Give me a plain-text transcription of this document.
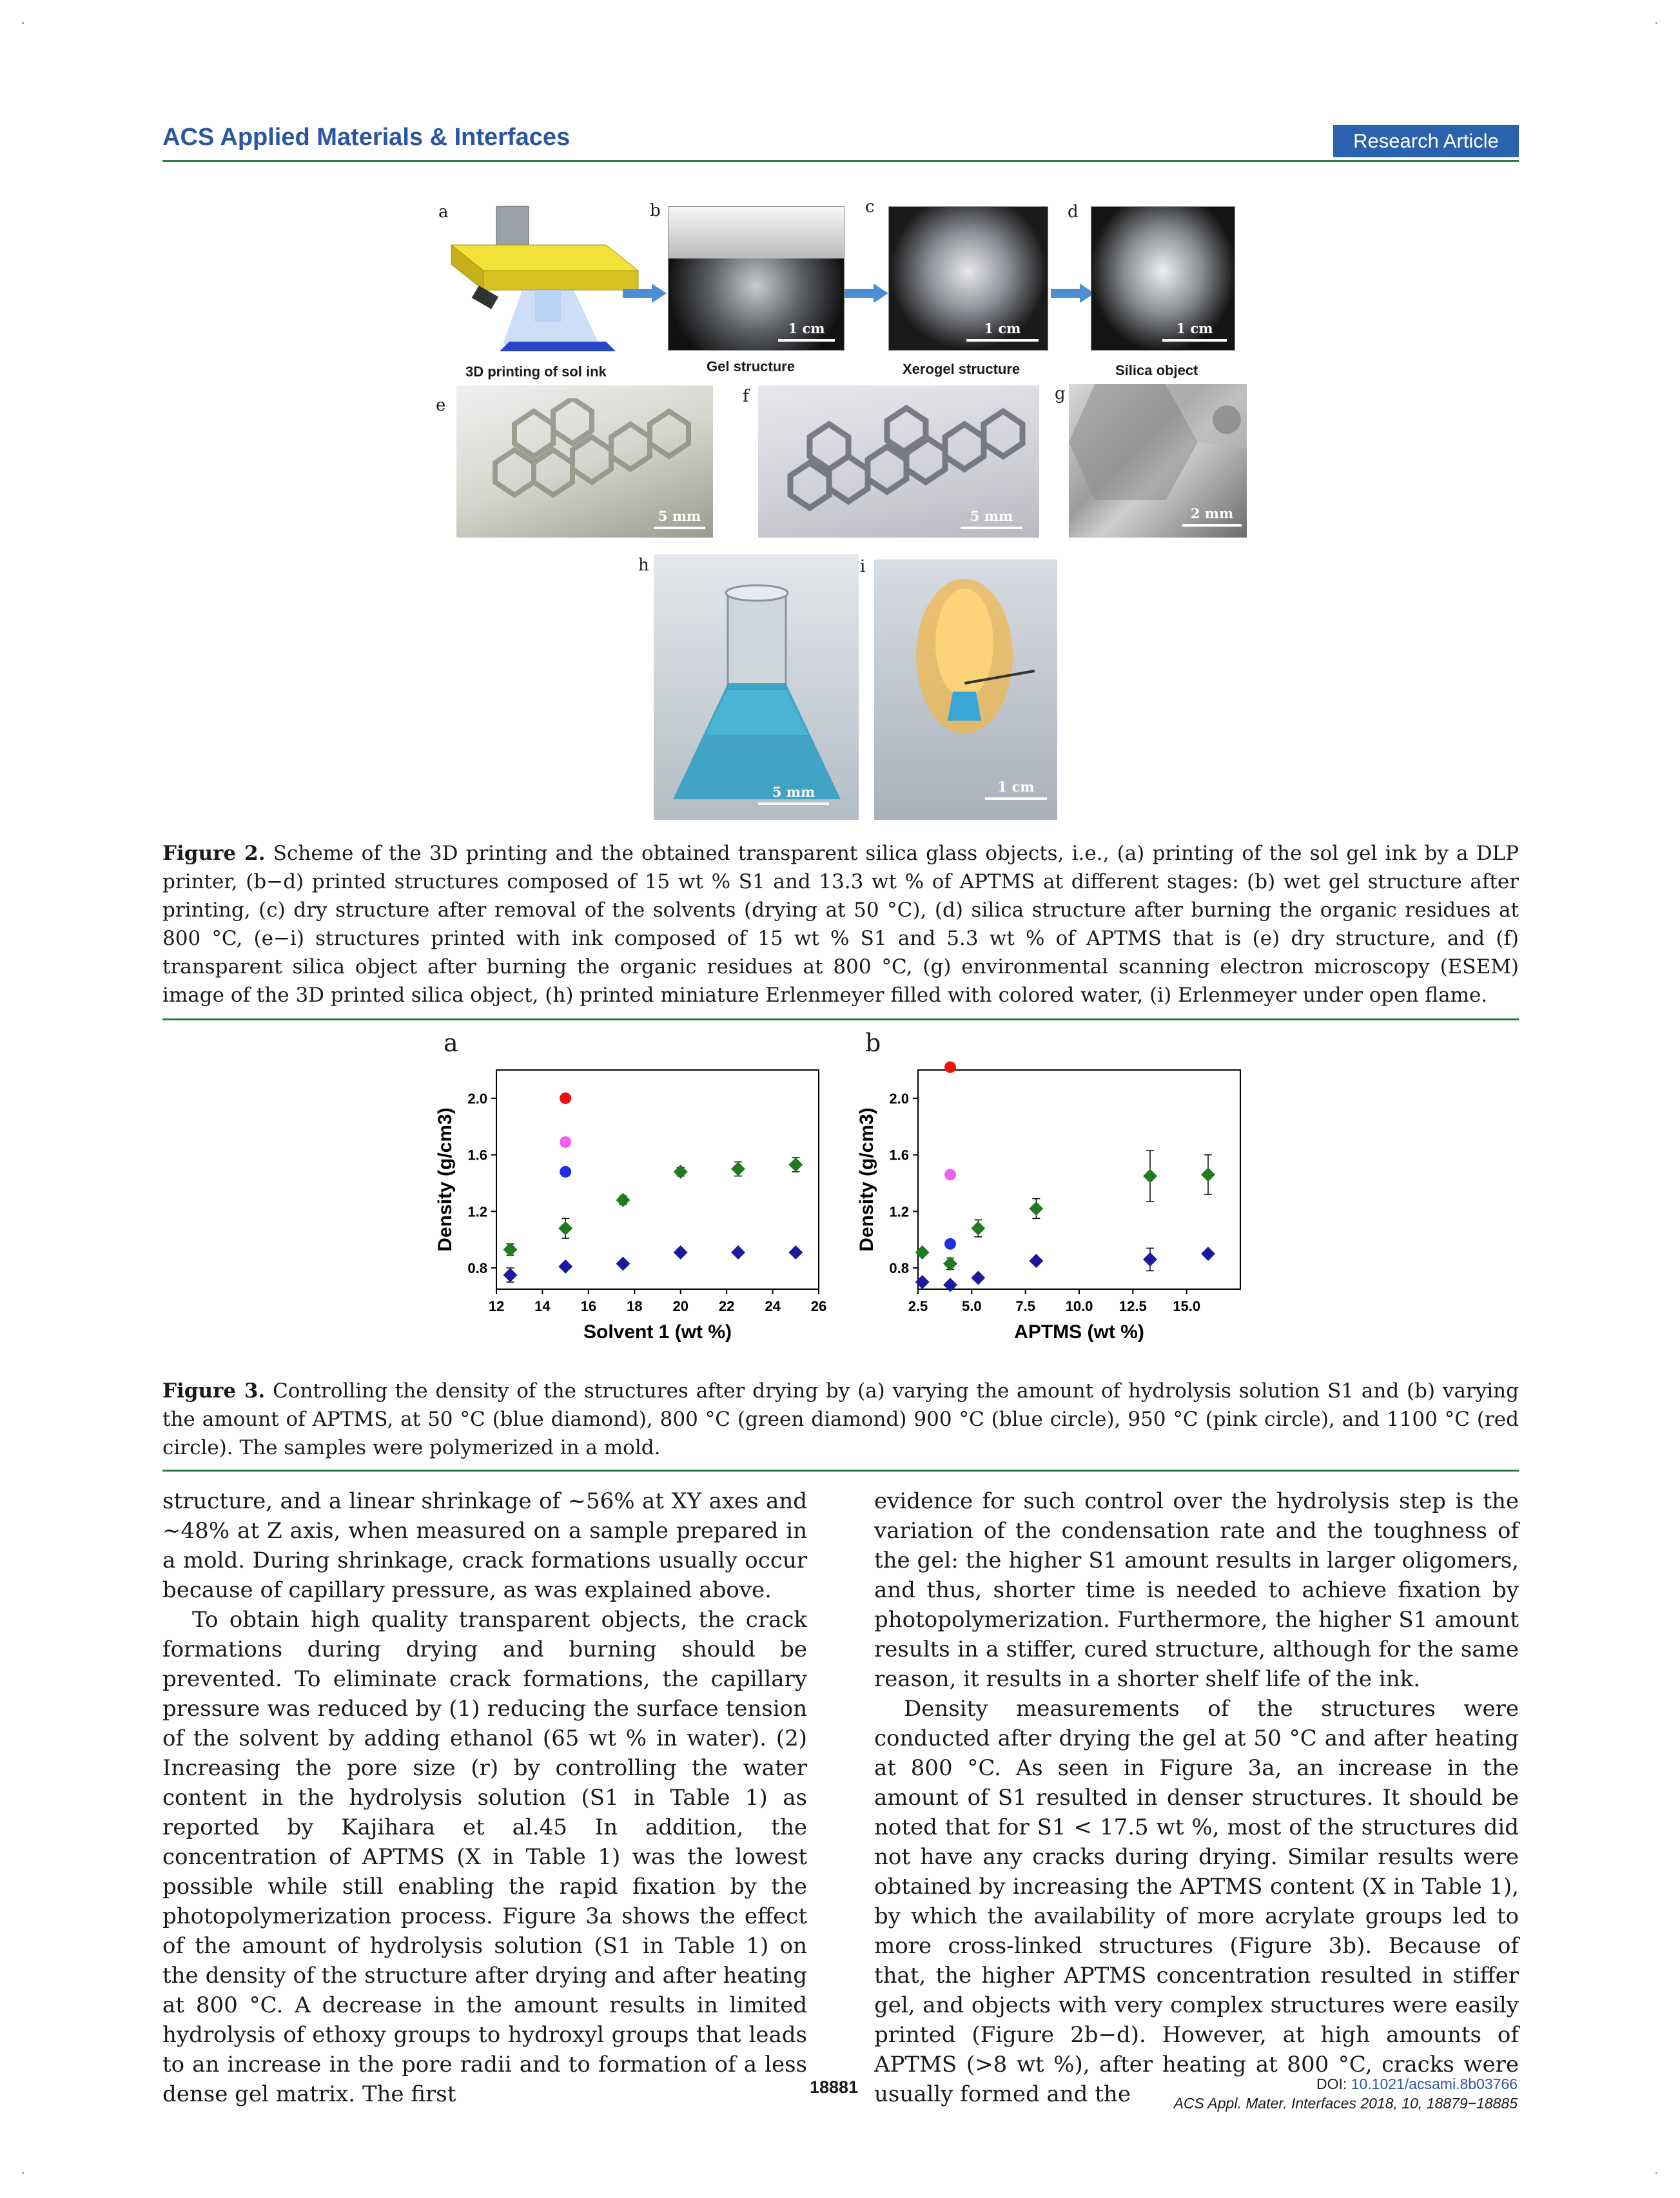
ACS Applied Materials & Interfaces	Research Article
a
3D printing of sol ink
b
1 cm
Gel structure
c
1 cm
Xerogel structure
d
1 cm
Silica object
e
5 mm
f
5 mm
g
2 mm
h
5 mm
i
1 cm
Figure 2. Scheme of the 3D printing and the obtained transparent silica glass objects, i.e., (a) printing of the sol gel ink by a DLP printer, (b−d) printed structures composed of 15 wt % S1 and 13.3 wt % of APTMS at different stages: (b) wet gel structure after printing, (c) dry structure after removal of the solvents (drying at 50 °C), (d) silica structure after burning the organic residues at 800 °C, (e−i) structures printed with ink composed of 15 wt % S1 and 5.3 wt % of APTMS that is (e) dry structure, and (f) transparent silica object after burning the organic residues at 800 °C, (g) environmental scanning electron microscopy (ESEM) image of the 3D printed silica object, (h) printed miniature Erlenmeyer filled with colored water, (i) Erlenmeyer under open flame.
a	b
12 14 16 18 20 22 24 26
0.8
1.2
1.6
2.0
Solvent 1 (wt %)
Density (g/cm3)
2.5 5.0 7.5 10.0 12.5 15.0
0.8
1.2
1.6
2.0
APTMS (wt %)
Density (g/cm3)
Figure 3. Controlling the density of the structures after drying by (a) varying the amount of hydrolysis solution S1 and (b) varying the amount of APTMS, at 50 °C (blue diamond), 800 °C (green diamond) 900 °C (blue circle), 950 °C (pink circle), and 1100 °C (red circle). The samples were polymerized in a mold.

structure, and a linear shrinkage of ∼56% at XY axes and ∼48% at Z axis, when measured on a sample prepared in a mold. During shrinkage, crack formations usually occur because of capillary pressure, as was explained above.

To obtain high quality transparent objects, the crack formations during drying and burning should be prevented. To eliminate crack formations, the capillary pressure was reduced by (1) reducing the surface tension of the solvent by adding ethanol (65 wt % in water). (2) Increasing the pore size (r) by controlling the water content in the hydrolysis solution (S1 in Table 1) as reported by Kajihara et al.45 In addition, the concentration of APTMS (X in Table 1) was the lowest possible while still enabling the rapid fixation by the photopolymerization process. Figure 3a shows the effect of the amount of hydrolysis solution (S1 in Table 1) on the density of the structure after drying and after heating at 800 °C. A decrease in the amount results in limited hydrolysis of ethoxy groups to hydroxyl groups that leads to an increase in the pore radii and to formation of a less dense gel matrix. The first

evidence for such control over the hydrolysis step is the variation of the condensation rate and the toughness of the gel: the higher S1 amount results in larger oligomers, and thus, shorter time is needed to achieve fixation by photopolymerization. Furthermore, the higher S1 amount results in a stiffer, cured structure, although for the same reason, it results in a shorter shelf life of the ink.

Density measurements of the structures were conducted after drying the gel at 50 °C and after heating at 800 °C. As seen in Figure 3a, an increase in the amount of S1 resulted in denser structures. It should be noted that for S1 < 17.5 wt %, most of the structures did not have any cracks during drying. Similar results were obtained by increasing the APTMS content (X in Table 1), by which the availability of more acrylate groups led to more cross-linked structures (Figure 3b). Because of that, the higher APTMS concentration resulted in stiffer gel, and objects with very complex structures were easily printed (Figure 2b−d). However, at high amounts of APTMS (>8 wt %), after heating at 800 °C, cracks were usually formed and the

18881	DOI: 10.1021/acsami.8b03766
ACS Appl. Mater. Interfaces 2018, 10, 18879−18885
